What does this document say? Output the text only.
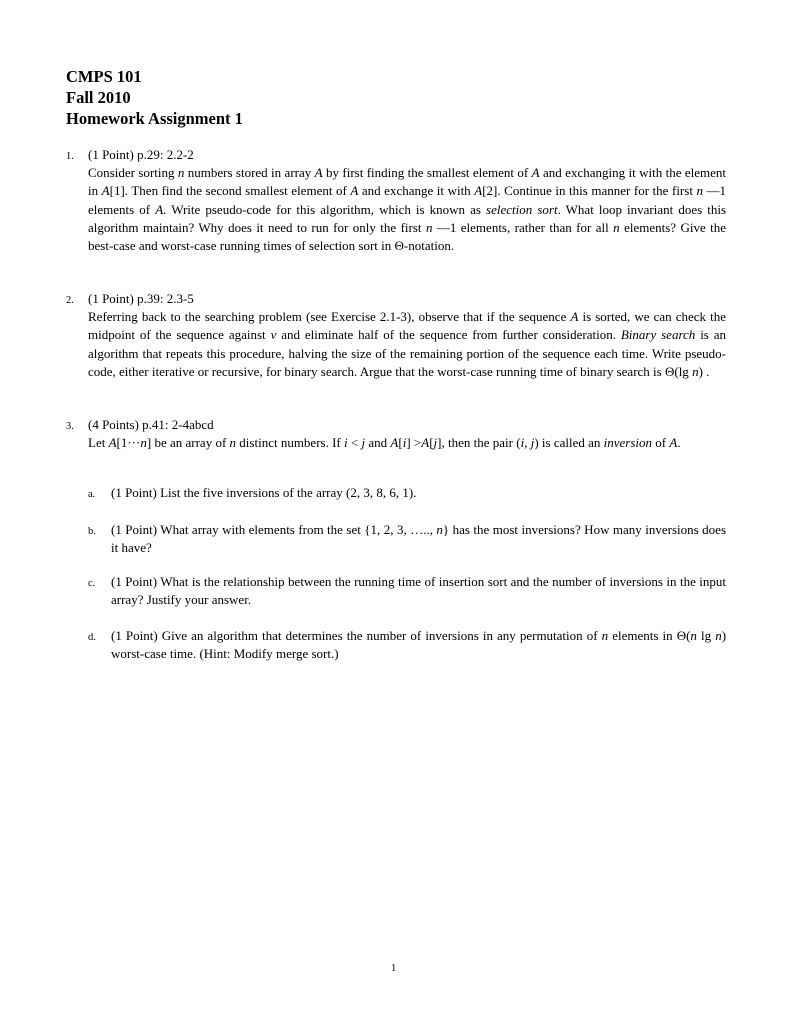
CMPS 101
Fall 2010
Homework Assignment 1
1. (1 Point) p.29: 2.2-2
Consider sorting n numbers stored in array A by first finding the smallest element of A and exchanging it with the element in A[1]. Then find the second smallest element of A and exchange it with A[2]. Continue in this manner for the first n —1 elements of A. Write pseudo-code for this algorithm, which is known as selection sort. What loop invariant does this algorithm maintain? Why does it need to run for only the first n —1 elements, rather than for all n elements? Give the best-case and worst-case running times of selection sort in Θ-notation.
2. (1 Point) p.39: 2.3-5
Referring back to the searching problem (see Exercise 2.1-3), observe that if the sequence A is sorted, we can check the midpoint of the sequence against v and eliminate half of the sequence from further consideration. Binary search is an algorithm that repeats this procedure, halving the size of the remaining portion of the sequence each time. Write pseudo-code, either iterative or recursive, for binary search. Argue that the worst-case running time of binary search is Θ(lg n) .
3. (4 Points) p.41: 2-4abcd
Let A[1···n] be an array of n distinct numbers. If i < j and A[i] >A[j], then the pair (i, j) is called an inversion of A.
a. (1 Point) List the five inversions of the array (2, 3, 8, 6, 1).
b. (1 Point) What array with elements from the set {1, 2, 3, ….., n} has the most inversions? How many inversions does it have?
c. (1 Point) What is the relationship between the running time of insertion sort and the number of inversions in the input array? Justify your answer.
d. (1 Point) Give an algorithm that determines the number of inversions in any permutation of n elements in Θ(n lg n) worst-case time. (Hint: Modify merge sort.)
1
